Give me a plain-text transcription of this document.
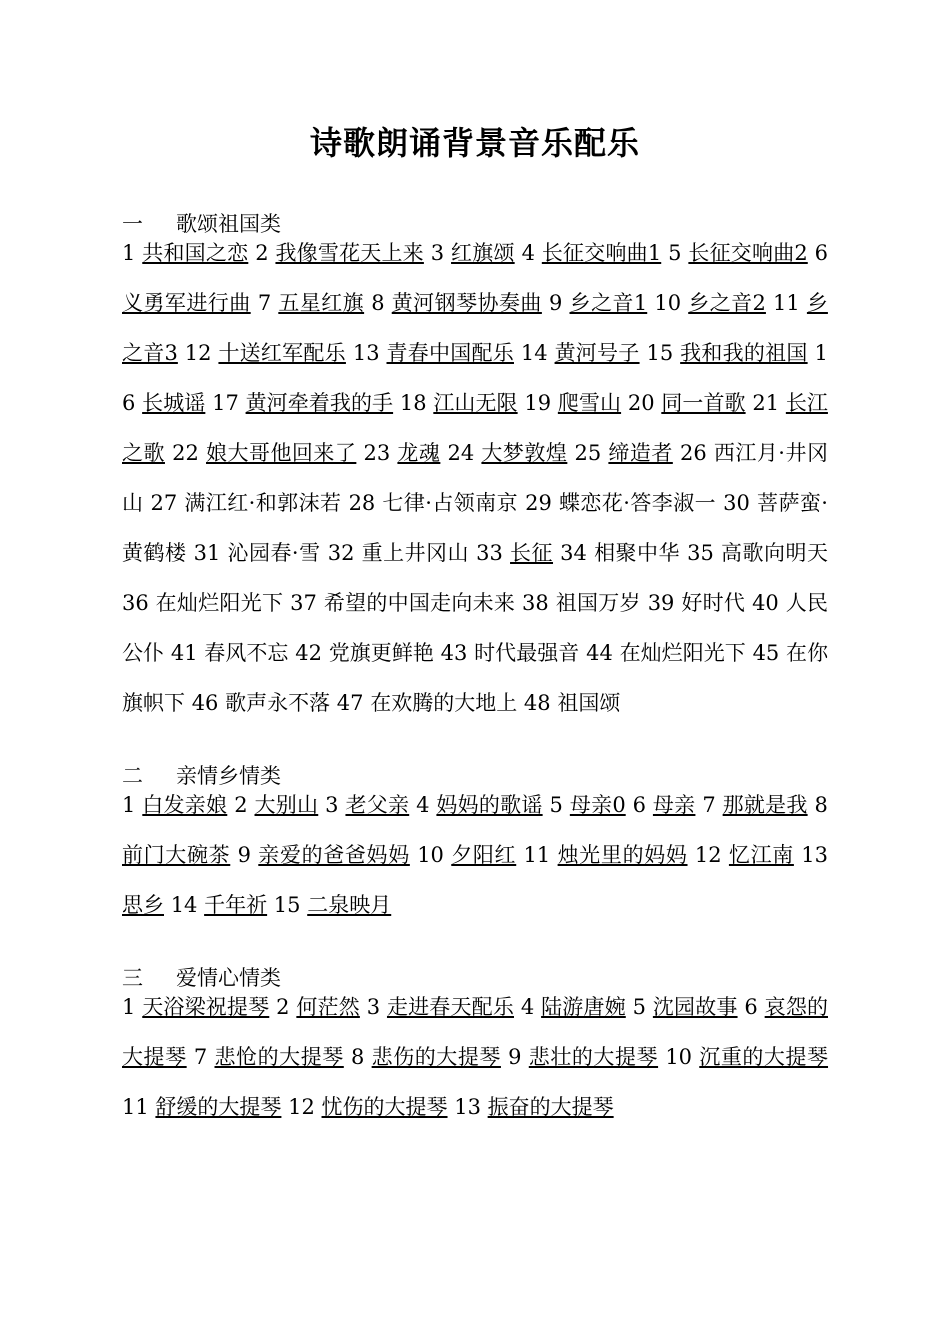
诗歌朗诵背景音乐配乐
一 歌颂祖国类
1 共和国之恋 2 我像雪花天上来 3 红旗颂 4 长征交响曲1 5 长征交响曲2 6 义勇军进行曲 7 五星红旗 8 黄河钢琴协奏曲 9 乡之音1 10 乡之音2 11 乡之音3 12 十送红军配乐 13 青春中国配乐 14 黄河号子 15 我和我的祖国 16 长城谣 17 黄河牵着我的手 18 江山无限 19 爬雪山 20 同一首歌 21 长江之歌 22 娘大哥他回来了 23 龙魂 24 大梦敦煌 25 缔造者 26 西江月·井冈山 27 满江红·和郭沫若 28 七律·占领南京 29 蝶恋花·答李淑一 30 菩萨蛮·黄鹤楼 31 沁园春·雪 32 重上井冈山 33 长征 34 相聚中华 35 高歌向明天 36 在灿烂阳光下 37 希望的中国走向未来 38 祖国万岁 39 好时代 40 人民公仆 41 春风不忘 42 党旗更鲜艳 43 时代最强音 44 在灿烂阳光下 45 在你旗帜下 46 歌声永不落 47 在欢腾的大地上 48 祖国颂
二 亲情乡情类
1 白发亲娘 2 大别山 3 老父亲 4 妈妈的歌谣 5 母亲0 6 母亲 7 那就是我 8 前门大碗茶 9 亲爱的爸爸妈妈 10 夕阳红 11 烛光里的妈妈 12 忆江南 13 思乡 14 千年祈 15 二泉映月
三 爱情心情类
1 天浴梁祝提琴 2 何茫然 3 走进春天配乐 4 陆游唐婉 5 沈园故事 6 哀怨的大提琴 7 悲怆的大提琴 8 悲伤的大提琴 9 悲壮的大提琴 10 沉重的大提琴 11 舒缓的大提琴 12 忧伤的大提琴 13 振奋的大提琴
